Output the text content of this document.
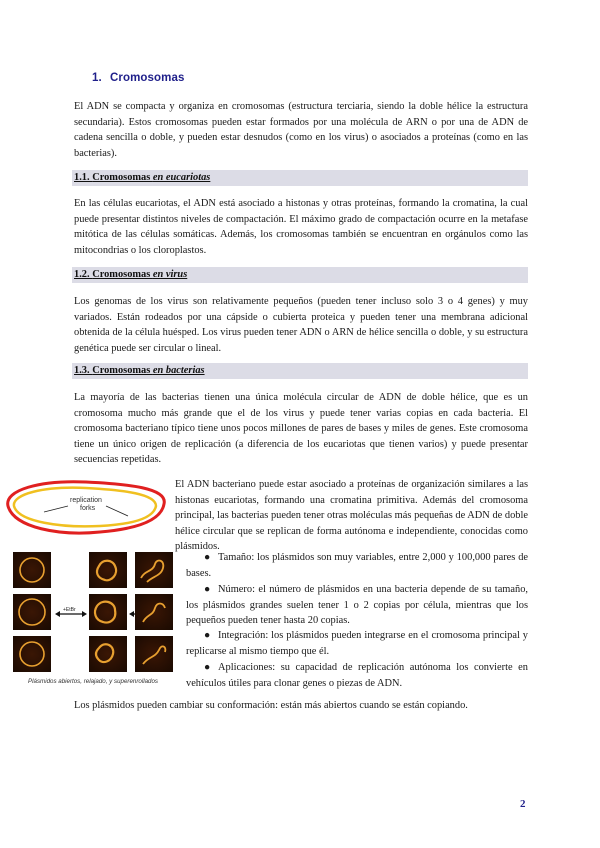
1. Cromosomas

El ADN se compacta y organiza en cromosomas (estructura terciaria, siendo la doble hélice la estructura secundaria). Estos cromosomas pueden estar formados por una molécula de ARN o por una de ADN de cadena sencilla o doble, y pueden estar desnudos (como en los virus) o asociados a proteínas (como en las bacterias).

1.1. Cromosomas en eucariotas

En las células eucariotas, el ADN está asociado a histonas y otras proteínas, formando la cromatina, la cual puede presentar distintos niveles de compactación. El máximo grado de compactación ocurre en la metafase mitótica de las células somáticas. Además, los cromosomas también se encuentran en orgánulos como las mitocondrias o los cloroplastos.

1.2. Cromosomas en virus

Los genomas de los virus son relativamente pequeños (pueden tener incluso solo 3 o 4 genes) y muy variados. Están rodeados por una cápside o cubierta proteica y pueden tener una membrana adicional obtenida de la célula huésped. Los virus pueden tener ADN o ARN de hélice sencilla o doble, y su estructura genética puede ser circular o lineal.

1.3. Cromosomas en bacterias

La mayoría de las bacterias tienen una única molécula circular de ADN de doble hélice, que es un cromosoma mucho más grande que el de los virus y puede tener varias copias en cada bacteria. El cromosoma bacteriano típico tiene unos pocos millones de pares de bases y miles de genes. Este cromosoma tiene un único origen de replicación (a diferencia de los eucariotas que tienen varios) y puede presentar secuencias repetidas.

replication
forks
+EtBr
Plásmidos abiertos, relajado, y superenrollados

El ADN bacteriano puede estar asociado a proteínas de organización similares a las histonas eucariotas, formando una cromatina primitiva. Además del cromosoma principal, las bacterias pueden tener otras moléculas más pequeñas de ADN de doble hélice circular que se replican de forma autónoma e independiente, conocidas como plásmidos.

● Tamaño: los plásmidos son muy variables, entre 2,000 y 100,000 pares de bases.

● Número: el número de plásmidos en una bacteria depende de su tamaño, los plásmidos grandes suelen tener 1 o 2 copias por célula, mientras que los pequeños pueden tener hasta 20 copias.

● Integración: los plásmidos pueden integrarse en el cromosoma principal y replicarse al mismo tiempo que él.

● Aplicaciones: su capacidad de replicación autónoma los convierte en vehículos útiles para clonar genes o piezas de ADN.

Los plásmidos pueden cambiar su conformación: están más abiertos cuando se están copiando.

2
